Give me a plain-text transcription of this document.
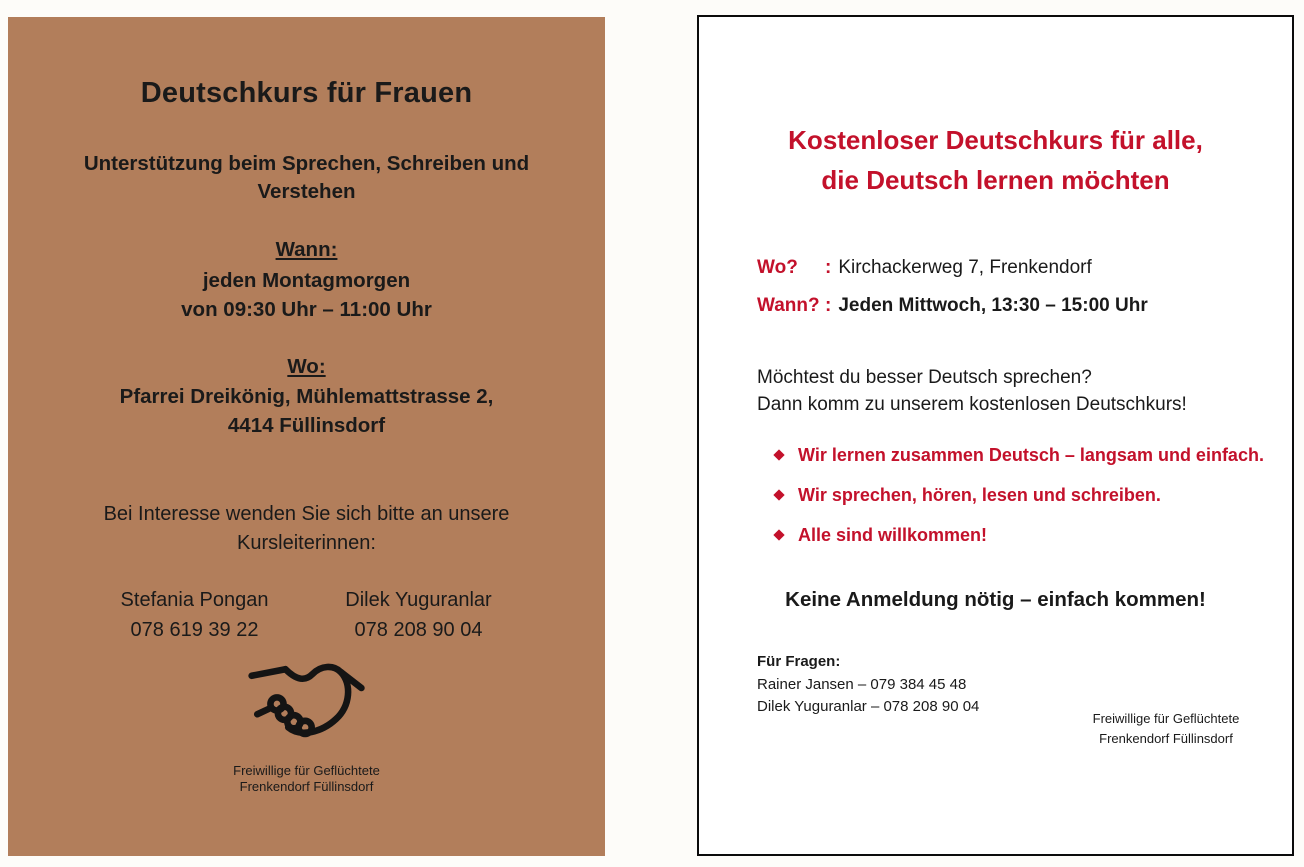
Deutschkurs für Frauen
Unterstützung beim Sprechen, Schreiben und Verstehen
Wann:
jeden Montagmorgen
von 09:30 Uhr – 11:00 Uhr
Wo:
Pfarrei Dreikönig, Mühlemattstrasse 2,
4414 Füllinsdorf
Bei Interesse wenden Sie sich bitte an unsere Kursleiterinnen:
Stefania Pongan
078 619 39 22
Dilek Yuguranlar
078 208 90 04
Freiwillige für Geflüchtete
Frenkendorf Füllinsdorf
Kostenloser Deutschkurs für alle,
die Deutsch lernen möchten
Wo?	: Kirchackerweg 7, Frenkendorf
Wann? : Jeden Mittwoch, 13:30 – 15:00 Uhr
Möchtest du besser Deutsch sprechen?
Dann komm zu unserem kostenlosen Deutschkurs!
Wir lernen zusammen Deutsch – langsam und einfach.
Wir sprechen, hören, lesen und schreiben.
Alle sind willkommen!
Keine Anmeldung nötig – einfach kommen!
Für Fragen:
Rainer Jansen – 079 384 45 48
Dilek Yuguranlar – 078 208 90 04
Freiwillige für Geflüchtete
Frenkendorf Füllinsdorf
